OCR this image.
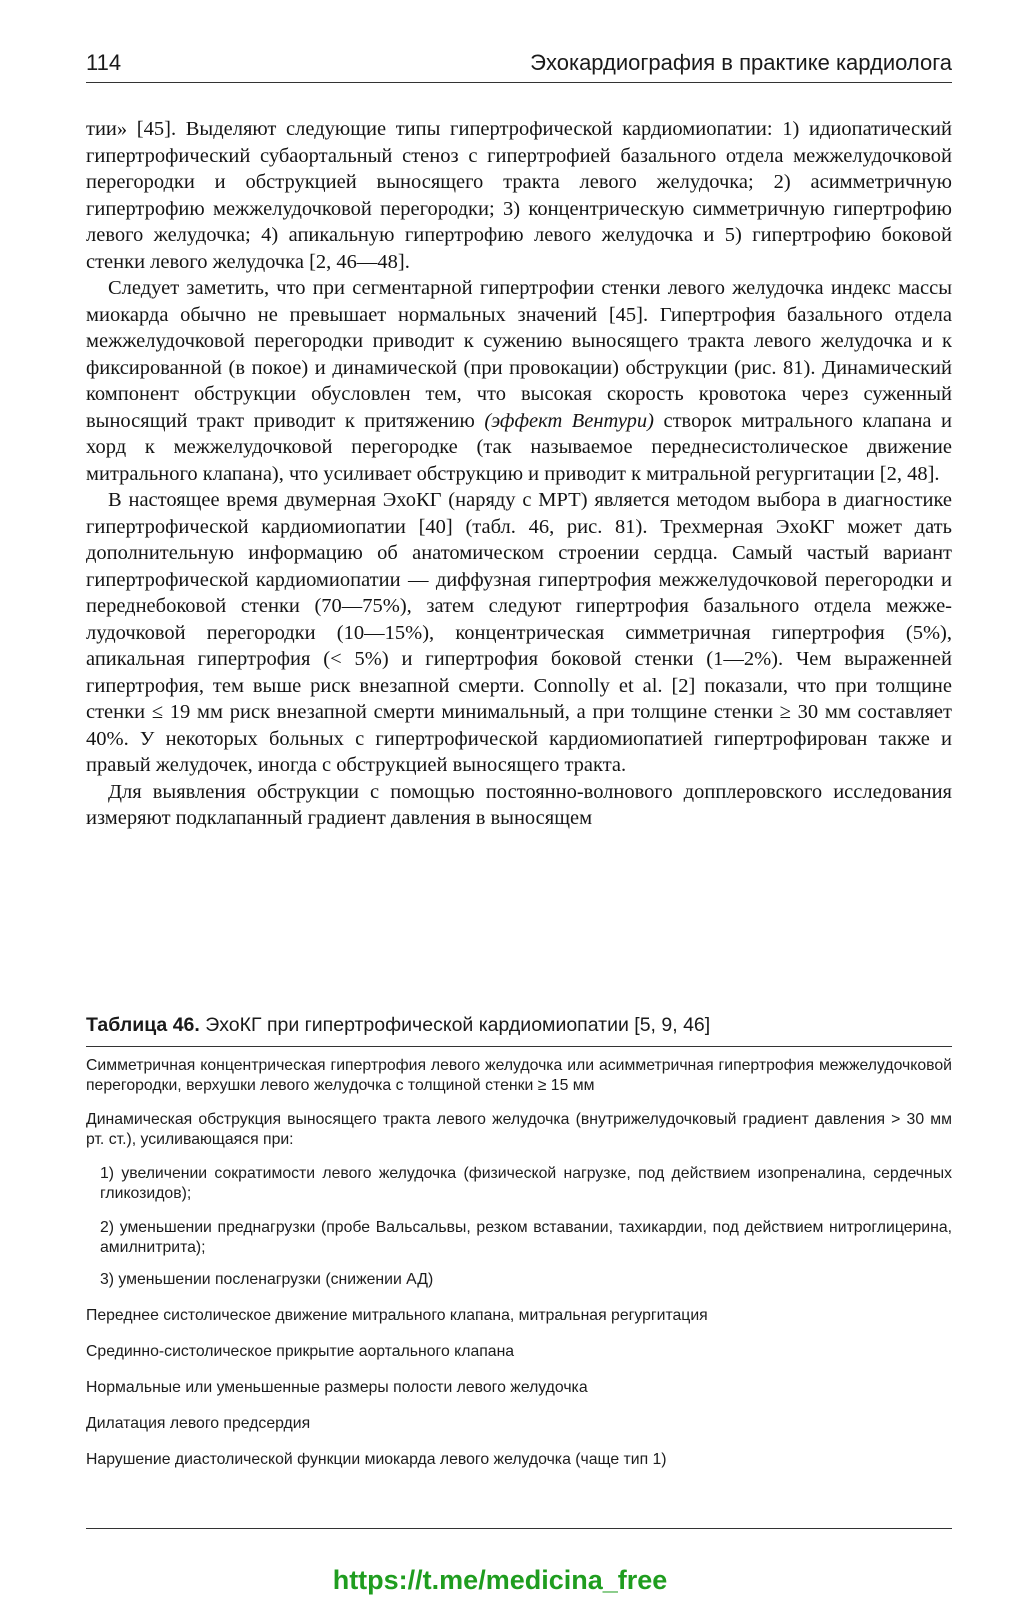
114	Эхокардиография в практике кардиолога

тии» [45]. Выделяют следующие типы гипертрофической кардиомиопатии: 1) идиопатический гипертрофический субаортальный стеноз с гипертрофией базального отдела межжелудочковой перегородки и обструкцией выносящего тракта левого желудочка; 2) асимметричную гипертрофию межжелудочковой перегородки; 3) концентрическую симметричную гипертрофию левого желудочка; 4) апикальную гипертрофию левого желудочка и 5) гипертрофию боковой стенки левого желудочка [2, 46—48].

Следует заметить, что при сегментарной гипертрофии стенки левого желудочка индекс массы миокарда обычно не превышает нормальных значений [45]. Гипертрофия базального отдела межжелудочковой перегородки приводит к сужению выносящего тракта левого желудочка и к фиксированной (в покое) и динамической (при провокации) обструкции (рис. 81). Динамический компонент обструкции обусловлен тем, что высокая скорость кровотока через суженный выносящий тракт приводит к притяжению (эффект Вентури) створок митрального клапана и хорд к межжелудочковой перегородке (так называемое переднесистолическое движение митрального клапана), что усиливает обструкцию и приводит к митральной регургитации [2, 48].

В настоящее время двумерная ЭхоКГ (наряду с МРТ) является методом выбора в диагностике гипертрофической кардиомиопатии [40] (табл. 46, рис. 81). Трехмерная ЭхоКГ может дать дополнительную информацию об анатомическом строении сердца. Самый частый вариант гипертрофической кардиомиопатии — диффузная гипертрофия межжелудочковой перегородки и переднебоковой стенки (70—75%), затем следуют гипертрофия базального отдела межжелудочковой перегородки (10—15%), концентрическая симметричная гипертрофия (5%), апикальная гипертрофия (< 5%) и гипертрофия боковой стенки (1—2%). Чем выраженней гипертрофия, тем выше риск внезапной смерти. Connolly et al. [2] показали, что при толщине стенки ≤ 19 мм риск внезапной смерти минимальный, а при толщине стенки ≥ 30 мм составляет 40%. У некоторых больных с гипертрофической кардиомиопатией гипертрофирован также и правый желудочек, иногда с обструкцией выносящего тракта.

Для выявления обструкции с помощью постоянно-волнового допплеровского исследования измеряют подклапанный градиент давления в выносящем

Таблица 46. ЭхоКГ при гипертрофической кардиомиопатии [5, 9, 46]

Симметричная концентрическая гипертрофия левого желудочка или асимметричная гипертрофия межжелудочковой перегородки, верхушки левого желудочка с толщиной стенки ≥ 15 мм

Динамическая обструкция выносящего тракта левого желудочка (внутрижелудочковый градиент давления > 30 мм рт. ст.), усиливающаяся при:

1) увеличении сократимости левого желудочка (физической нагрузке, под действием изопреналина, сердечных гликозидов);

2) уменьшении преднагрузки (пробе Вальсальвы, резком вставании, тахикардии, под действием нитроглицерина, амилнитрита);

3) уменьшении посленагрузки (снижении АД)

Переднее систолическое движение митрального клапана, митральная регургитация

Срединно-систолическое прикрытие аортального клапана

Нормальные или уменьшенные размеры полости левого желудочка

Дилатация левого предсердия

Нарушение диастолической функции миокарда левого желудочка (чаще тип 1)

https://t.me/medicina_free
